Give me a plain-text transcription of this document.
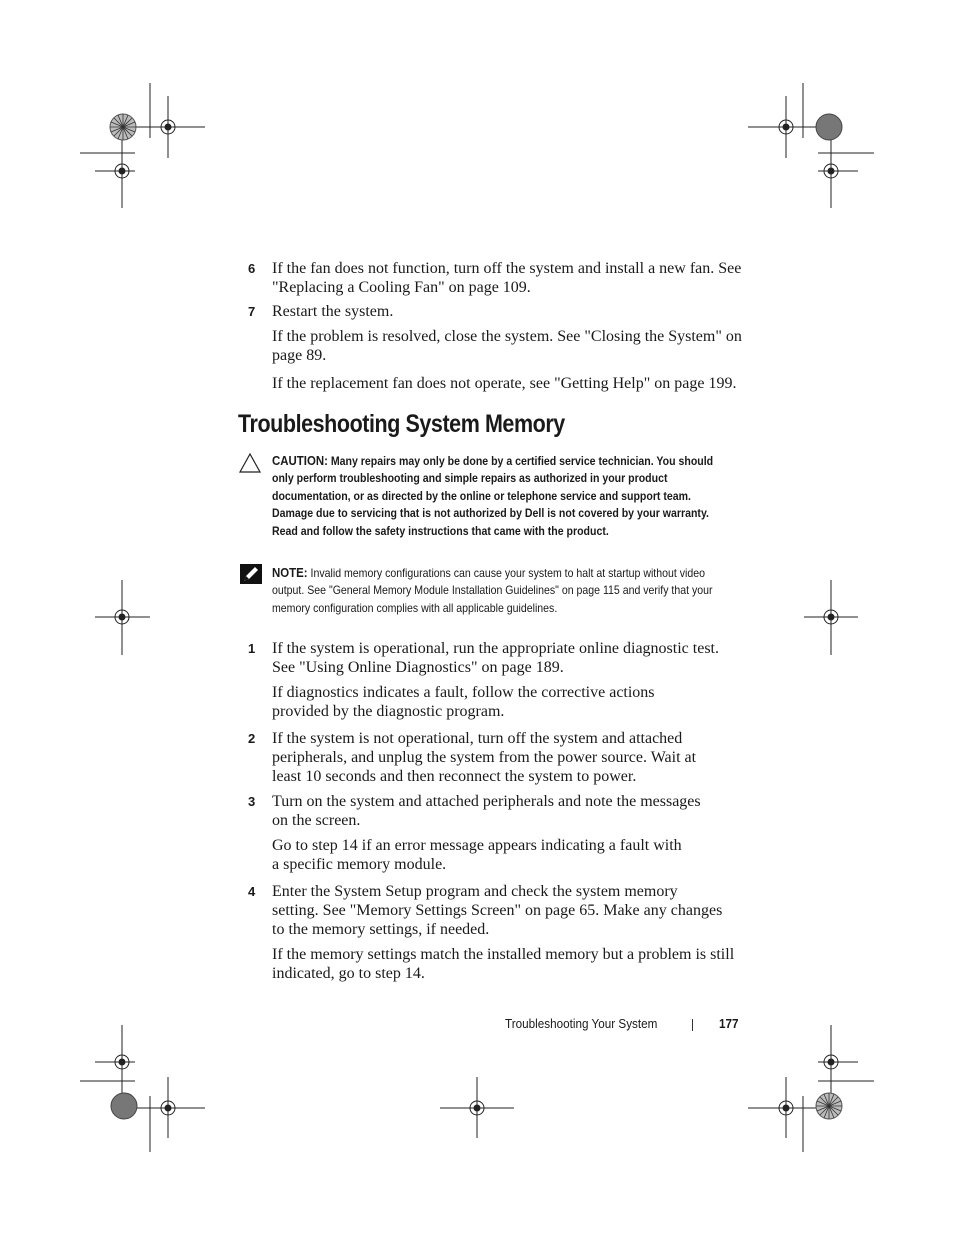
6 If the fan does not function, turn off the system and install a new fan. See "Replacing a Cooling Fan" on page 109.
7 Restart the system.
If the problem is resolved, close the system. See "Closing the System" on page 89.
If the replacement fan does not operate, see "Getting Help" on page 199.
Troubleshooting System Memory
CAUTION: Many repairs may only be done by a certified service technician. You should only perform troubleshooting and simple repairs as authorized in your product documentation, or as directed by the online or telephone service and support team. Damage due to servicing that is not authorized by Dell is not covered by your warranty. Read and follow the safety instructions that came with the product.
NOTE: Invalid memory configurations can cause your system to halt at startup without video output. See "General Memory Module Installation Guidelines" on page 115 and verify that your memory configuration complies with all applicable guidelines.
1 If the system is operational, run the appropriate online diagnostic test. See "Using Online Diagnostics" on page 189.
If diagnostics indicates a fault, follow the corrective actions provided by the diagnostic program.
2 If the system is not operational, turn off the system and attached peripherals, and unplug the system from the power source. Wait at least 10 seconds and then reconnect the system to power.
3 Turn on the system and attached peripherals and note the messages on the screen.
Go to step 14 if an error message appears indicating a fault with a specific memory module.
4 Enter the System Setup program and check the system memory setting. See "Memory Settings Screen" on page 65. Make any changes to the memory settings, if needed.
If the memory settings match the installed memory but a problem is still indicated, go to step 14.
Troubleshooting Your System	177
